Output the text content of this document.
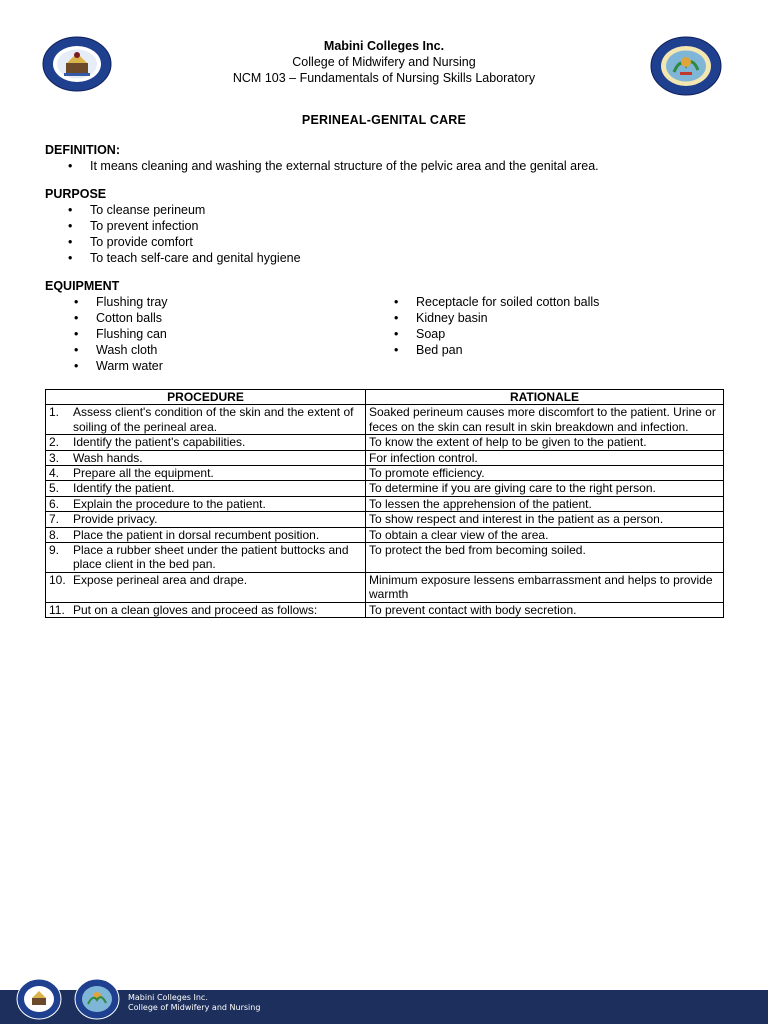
Mabini Colleges Inc.
College of Midwifery and Nursing
NCM 103 – Fundamentals of Nursing Skills Laboratory
PERINEAL-GENITAL CARE
DEFINITION:
• It means cleaning and washing the external structure of the pelvic area and the genital area.
PURPOSE
• To cleanse perineum
• To prevent infection
• To provide comfort
• To teach self-care and genital hygiene
EQUIPMENT
• Flushing tray
• Cotton balls
• Flushing can
• Wash cloth
• Warm water
• Receptacle for soiled cotton balls
• Kidney basin
• Soap
• Bed pan
PROCEDURE	RATIONALE

1. Assess client's condition of the skin and the extent of soiling of the perineal area.	Soaked perineum causes more discomfort to the patient. Urine or feces on the skin can result in skin breakdown and infection.

2. Identify the patient's capabilities.	To know the extent of help to be given to the patient.

3. Wash hands.	For infection control.

4. Prepare all the equipment.	To promote efficiency.

5. Identify the patient.	To determine if you are giving care to the right person.

6. Explain the procedure to the patient.	To lessen the apprehension of the patient.

7. Provide privacy.	To show respect and interest in the patient as a person.

8. Place the patient in dorsal recumbent position.	To obtain a clear view of the area.

9. Place a rubber sheet under the patient buttocks and place client in the bed pan.	To protect the bed from becoming soiled.

10. Expose perineal area and drape.	Minimum exposure lessens embarrassment and helps to provide warmth

11. Put on a clean gloves and proceed as follows:	To prevent contact with body secretion.
Mabini Colleges Inc.
College of Midwifery and Nursing
